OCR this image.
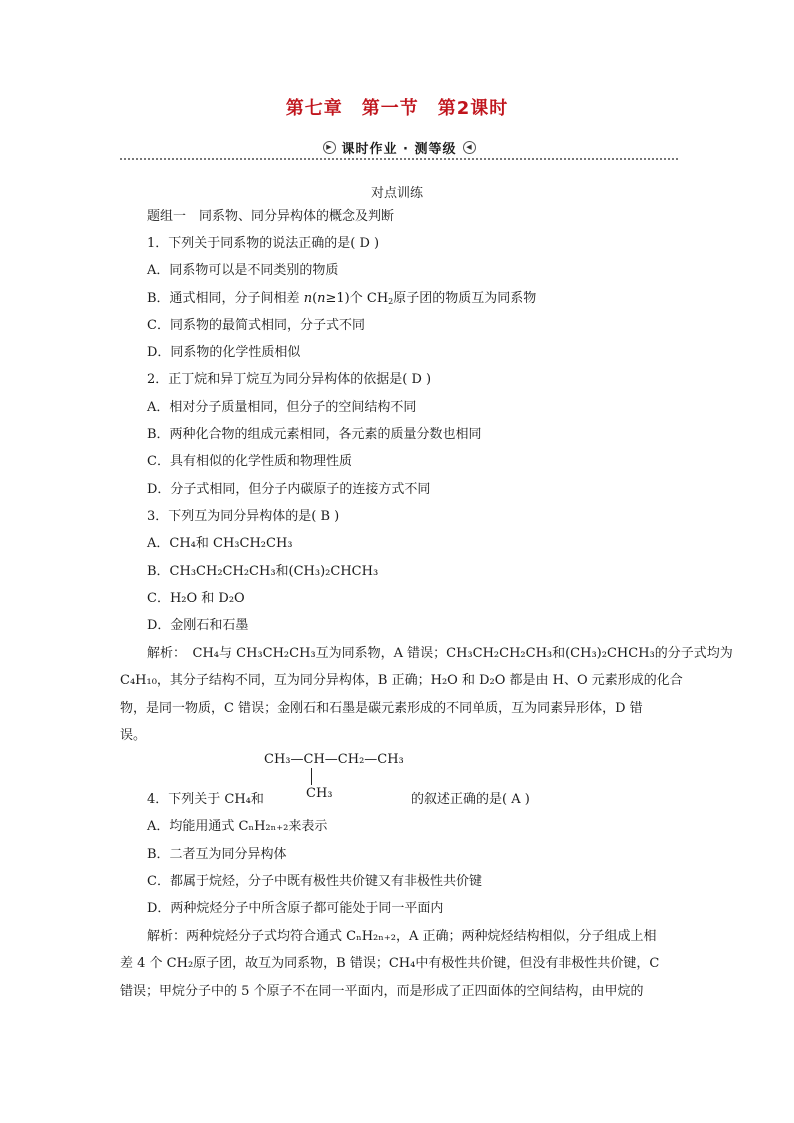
第七章　第一节　第2课时
▶ 课时作业 · 测等级	◀
对点训练
题组一　同系物、同分异构体的概念及判断
1．下列关于同系物的说法正确的是( D )
A．同系物可以是不同类别的物质
B．通式相同，分子间相差 n(n≥1)个 $CH_2$原子团的物质互为同系物
C．同系物的最简式相同，分子式不同
D．同系物的化学性质相似
2．正丁烷和异丁烷互为同分异构体的依据是( D )
A．相对分子质量相同，但分子的空间结构不同
B．两种化合物的组成元素相同，各元素的质量分数也相同
C．具有相似的化学性质和物理性质
D．分子式相同，但分子内碳原子的连接方式不同
3．下列互为同分异构体的是( B )
A．CH₄和 CH₃CH₂CH₃
B．CH₃CH₂CH₂CH₃和(CH₃)₂CHCH₃
C．H₂O 和 D₂O
D．金刚石和石墨
解析：　CH₄与 CH₃CH₂CH₃互为同系物，A 错误；CH₃CH₂CH₂CH₃和(CH₃)₂CHCH₃的分子式均为
C₄H₁₀，其分子结构不同，互为同分异构体，B 正确；H₂O 和 D₂O 都是由 H、O 元素形成的化合
物，是同一物质，C 错误；金刚石和石墨是碳元素形成的不同单质，互为同素异形体，D 错
误。
CH₃—CH—CH₂—CH₃
CH₃
4．下列关于 CH₄和	的叙述正确的是( A )
A．均能用通式 CₙH₂ₙ₊₂来表示
B．二者互为同分异构体
C．都属于烷烃，分子中既有极性共价键又有非极性共价键
D．两种烷烃分子中所含原子都可能处于同一平面内
解析：两种烷烃分子式均符合通式 CₙH₂ₙ₊₂，A 正确；两种烷烃结构相似，分子组成上相
差 4 个 CH₂原子团，故互为同系物，B 错误；CH₄中有极性共价键，但没有非极性共价键，C
错误；甲烷分子中的 5 个原子不在同一平面内，而是形成了正四面体的空间结构，由甲烷的
